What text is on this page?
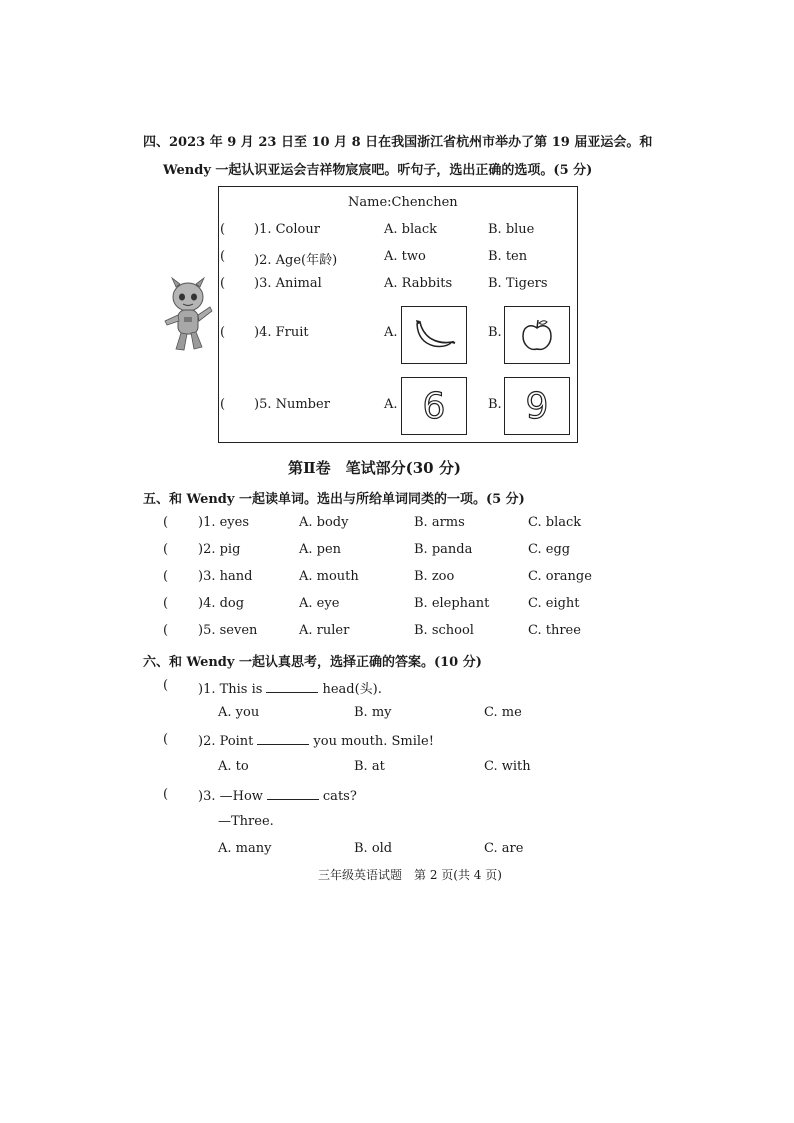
四、2023 年 9 月 23 日至 10 月 8 日在我国浙江省杭州市举办了第 19 届亚运会。和
Wendy 一起认识亚运会吉祥物宸宸吧。听句子，选出正确的选项。(5 分)
Name:Chenchen
( )1. Colour	A. black	B. blue
( )2. Age(年龄)	A. two	B. ten
( )3. Animal	A. Rabbits	B. Tigers
( )4. Fruit	A.	B.
( )5. Number	A. 6	B. 9
第Ⅱ卷　笔试部分(30 分)
五、和 Wendy 一起读单词。选出与所给单词同类的一项。(5 分)
( )1. eyes	A. body	B. arms	C. black
( )2. pig	A. pen	B. panda	C. egg
( )3. hand	A. mouth	B. zoo	C. orange
( )4. dog	A. eye	B. elephant	C. eight
( )5. seven	A. ruler	B. school	C. three
六、和 Wendy 一起认真思考，选择正确的答案。(10 分)
( )1. This is	head(头).
A. you	B. my	C. me
( )2. Point	you mouth. Smile!
A. to	B. at	C. with
( )3. —How	cats?
—Three.
A. many	B. old	C. are
三年级英语试题　第 2 页(共 4 页)
